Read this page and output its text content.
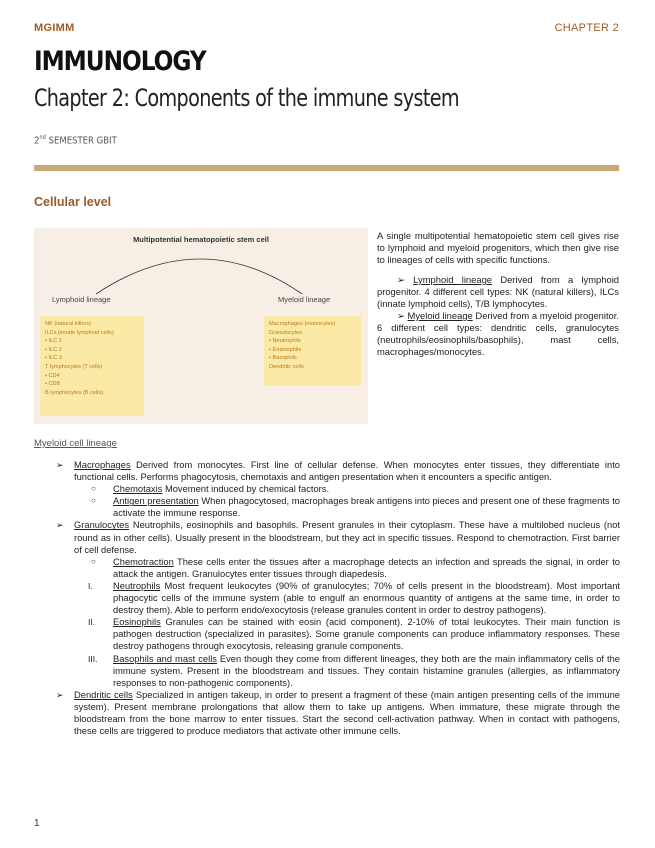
MGIMM	CHAPTER 2
IMMUNOLOGY
Chapter 2: Components of the immune system
2nd SEMESTER GBIT
Cellular level
Multipotential hematopoietic stem cell
Lymphoid lineage	Myeloid lineage
NK (natural killers)
ILCs (innate lymphoid cells)
• ILC 1
• ILC 2
• ILC 3
T lymphocytes (T cells)
• CD4
• CD8
B lymphocytes (B cells)
Macrophages (monocytes)
Granulocytes
• Neutrophils
• Eosinophils
• Basophils
Dendritic cells

A single multipotential hematopoietic stem cell gives rise to lymphoid and myeloid progenitors, which then give rise to lineages of cells with specific functions.

➢ Lymphoid lineage Derived from a lymphoid progenitor. 4 different cell types: NK (natural killers), ILCs (innate lymphoid cells), T/B lymphocytes.

➢ Myeloid lineage Derived from a myeloid progenitor. 6 different cell types: dendritic cells, granulocytes (neutrophils/eosinophils/basophils), mast cells, macrophages/monocytes.

Myeloid cell lineage
➢ Macrophages Derived from monocytes. First line of cellular defense. When monocytes enter tissues, they differentiate into functional cells. Performs phagocytosis, chemotaxis and antigen presentation when it encounters a specific antigen.
○ Chemotaxis Movement induced by chemical factors.
○ Antigen presentation When phagocytosed, macrophages break antigens into pieces and present one of these fragments to activate the immune response.
➢ Granulocytes Neutrophils, eosinophils and basophils. Present granules in their cytoplasm. These have a multilobed nucleus (not round as in other cells). Usually present in the bloodstream, but they act in specific tissues. Respond to chemotraction. First barrier of cell defense.
○ Chemotraction These cells enter the tissues after a macrophage detects an infection and spreads the signal, in order to attack the antigen. Granulocytes enter tissues through diapedesis.
I. Neutrophils Most frequent leukocytes (90% of granulocytes; 70% of cells present in the bloodstream). Most important phagocytic cells of the immune system (able to engulf an enormous quantity of antigens at the same time, in order to destroy them). Able to perform endo/exocytosis (release granules content in order to destroy pathogens).
II. Eosinophils Granules can be stained with eosin (acid component). 2-10% of total leukocytes. Their main function is pathogen destruction (specialized in parasites). Some granule components can produce inflammatory responses. These destroy pathogens through exocytosis, releasing granule components.
III. Basophils and mast cells Even though they come from different lineages, they both are the main inflammatory cells of the immune system. Present in the bloodstream and tissues. They contain histamine granules (allergies, as inflammatory responses to non-pathogenic components).
➢ Dendritic cells Specialized in antigen takeup, in order to present a fragment of these (main antigen presenting cells of the immune system). Present membrane prolongations that allow them to take up antigens. When immature, these migrate through the bloodstream from the bone marrow to enter tissues. Start the second cell-activation pathway. When in contact with pathogens, these cells are triggered to produce mediators that activate other immune cells.
1
